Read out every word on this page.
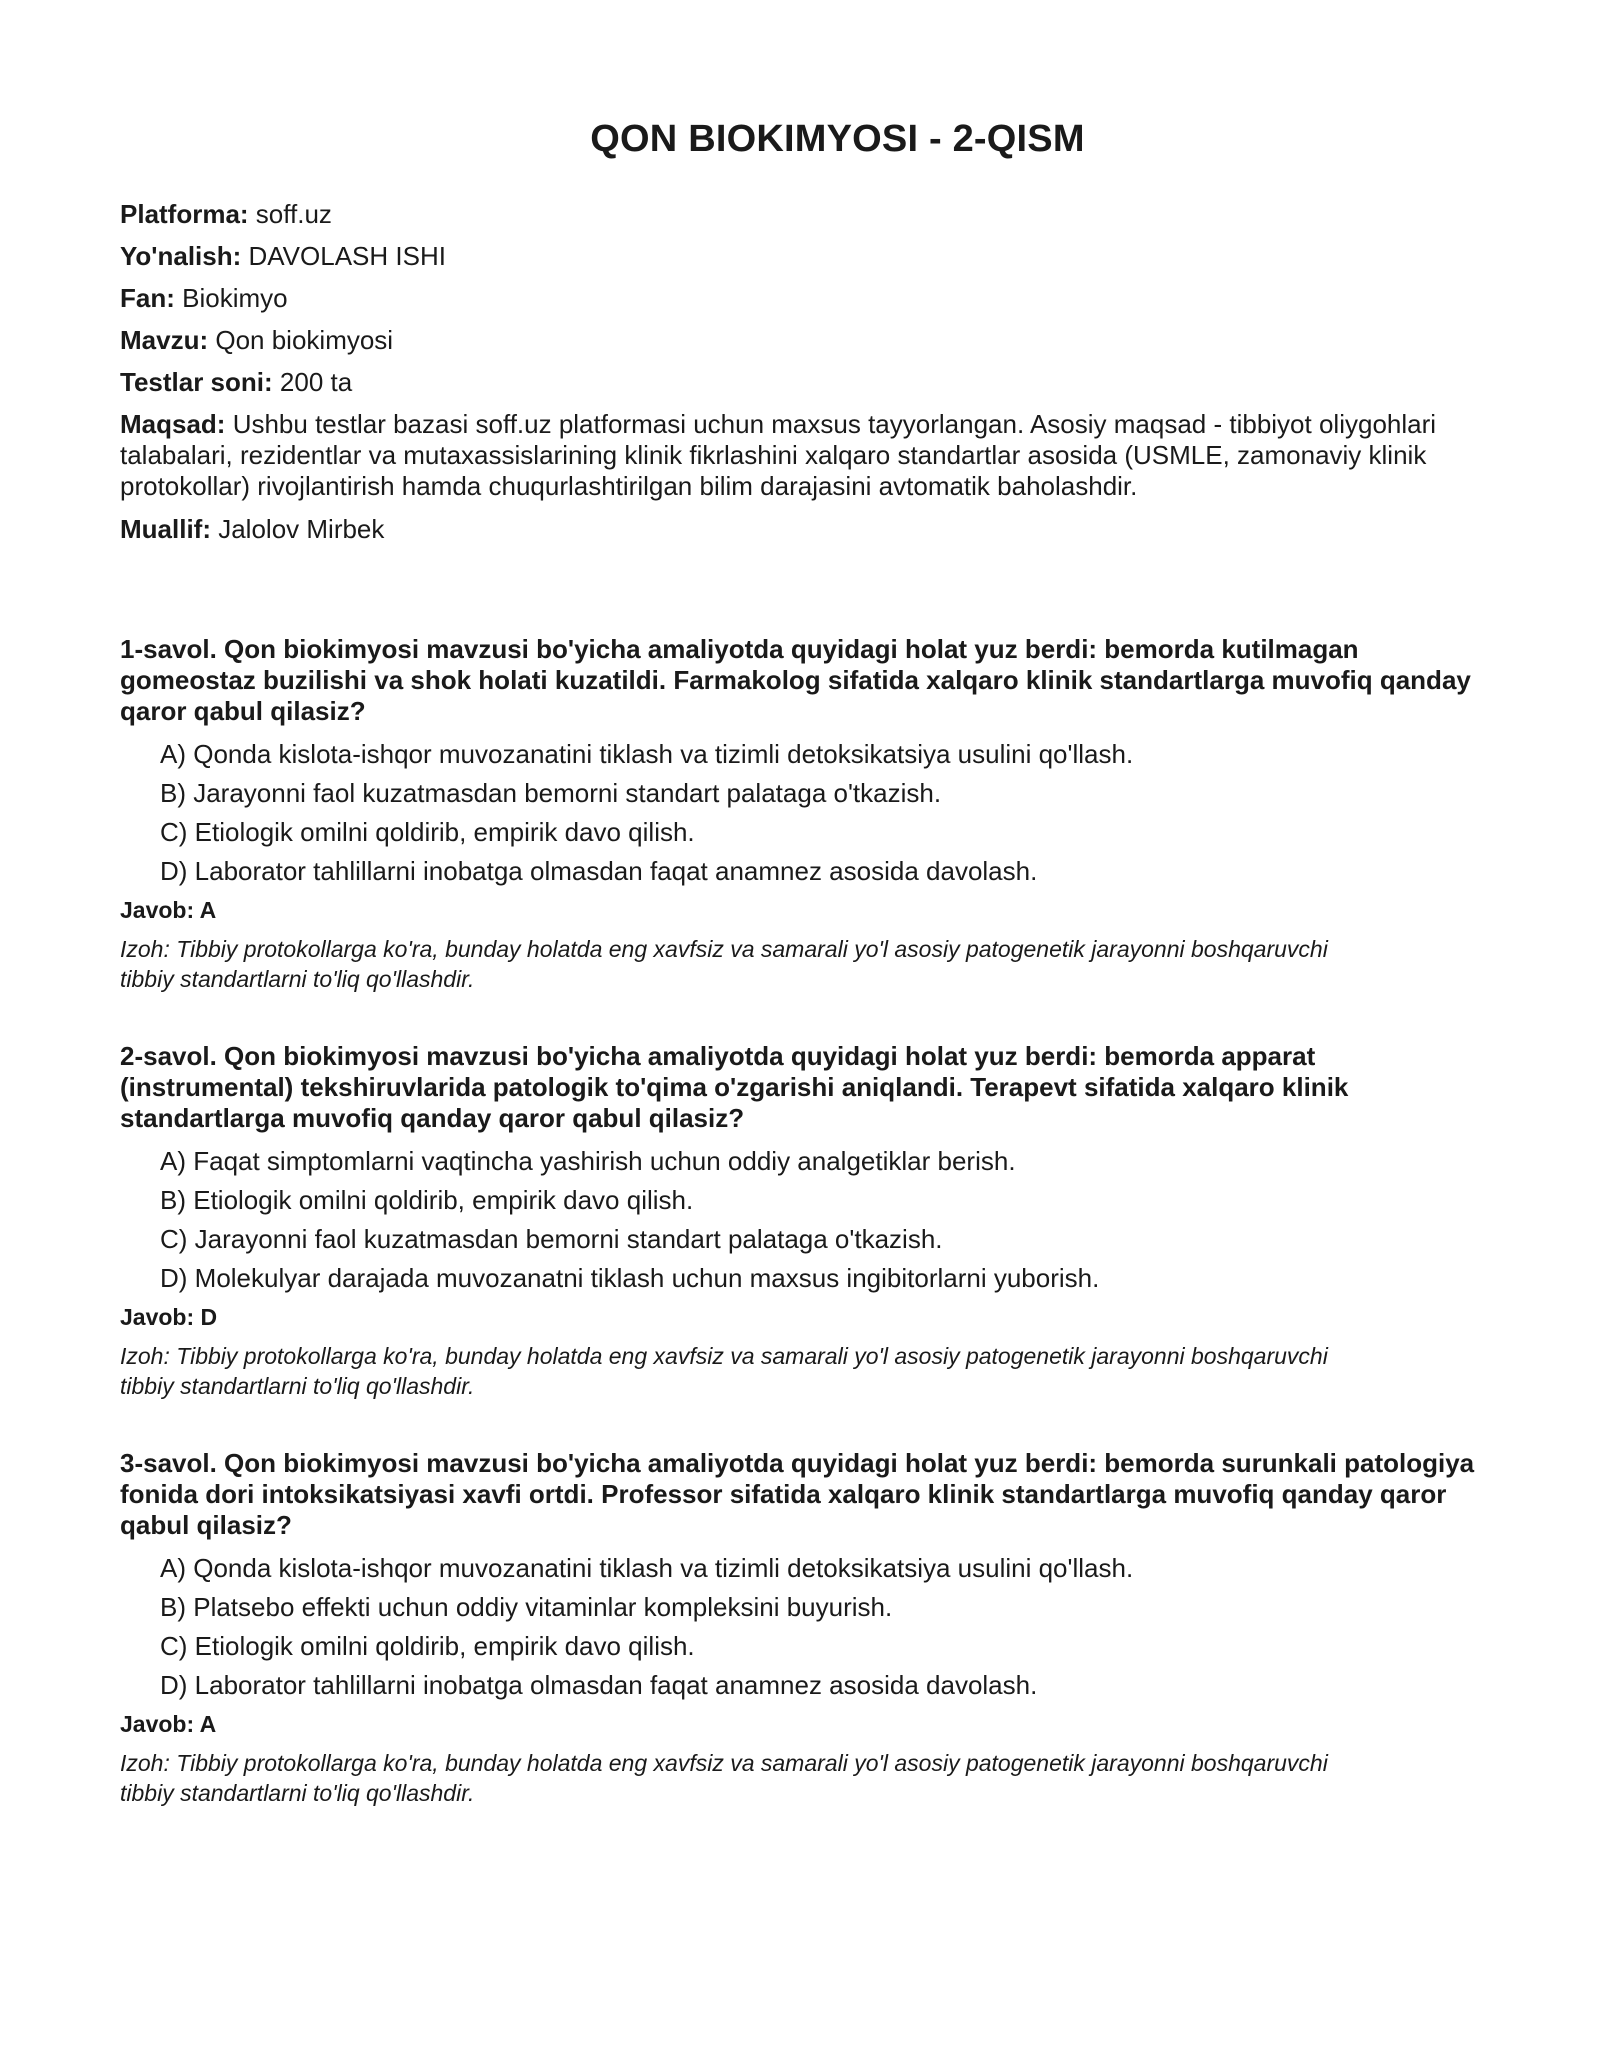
QON BIOKIMYOSI - 2-QISM

Platforma: soff.uz

Yo'nalish: DAVOLASH ISHI

Fan: Biokimyo

Mavzu: Qon biokimyosi

Testlar soni: 200 ta

Maqsad: Ushbu testlar bazasi soff.uz platformasi uchun maxsus tayyorlangan. Asosiy maqsad - tibbiyot oliygohlari talabalari, rezidentlar va mutaxassislarining klinik fikrlashini xalqaro standartlar asosida (USMLE, zamonaviy klinik protokollar) rivojlantirish hamda chuqurlashtirilgan bilim darajasini avtomatik baholashdir.

Muallif: Jalolov Mirbek

1-savol. Qon biokimyosi mavzusi bo'yicha amaliyotda quyidagi holat yuz berdi: bemorda kutilmagan gomeostaz buzilishi va shok holati kuzatildi. Farmakolog sifatida xalqaro klinik standartlarga muvofiq qanday qaror qabul qilasiz?

A) Qonda kislota-ishqor muvozanatini tiklash va tizimli detoksikatsiya usulini qo'llash.
B) Jarayonni faol kuzatmasdan bemorni standart palataga o'tkazish.
C) Etiologik omilni qoldirib, empirik davo qilish.
D) Laborator tahlillarni inobatga olmasdan faqat anamnez asosida davolash.

Javob: A

Izoh: Tibbiy protokollarga ko'ra, bunday holatda eng xavfsiz va samarali yo'l asosiy patogenetik jarayonni boshqaruvchi tibbiy standartlarni to'liq qo'llashdir.

2-savol. Qon biokimyosi mavzusi bo'yicha amaliyotda quyidagi holat yuz berdi: bemorda apparat (instrumental) tekshiruvlarida patologik to'qima o'zgarishi aniqlandi. Terapevt sifatida xalqaro klinik standartlarga muvofiq qanday qaror qabul qilasiz?

A) Faqat simptomlarni vaqtincha yashirish uchun oddiy analgetiklar berish.
B) Etiologik omilni qoldirib, empirik davo qilish.
C) Jarayonni faol kuzatmasdan bemorni standart palataga o'tkazish.
D) Molekulyar darajada muvozanatni tiklash uchun maxsus ingibitorlarni yuborish.

Javob: D

Izoh: Tibbiy protokollarga ko'ra, bunday holatda eng xavfsiz va samarali yo'l asosiy patogenetik jarayonni boshqaruvchi tibbiy standartlarni to'liq qo'llashdir.

3-savol. Qon biokimyosi mavzusi bo'yicha amaliyotda quyidagi holat yuz berdi: bemorda surunkali patologiya fonida dori intoksikatsiyasi xavfi ortdi. Professor sifatida xalqaro klinik standartlarga muvofiq qanday qaror qabul qilasiz?

A) Qonda kislota-ishqor muvozanatini tiklash va tizimli detoksikatsiya usulini qo'llash.
B) Platsebo effekti uchun oddiy vitaminlar kompleksini buyurish.
C) Etiologik omilni qoldirib, empirik davo qilish.
D) Laborator tahlillarni inobatga olmasdan faqat anamnez asosida davolash.

Javob: A

Izoh: Tibbiy protokollarga ko'ra, bunday holatda eng xavfsiz va samarali yo'l asosiy patogenetik jarayonni boshqaruvchi tibbiy standartlarni to'liq qo'llashdir.
